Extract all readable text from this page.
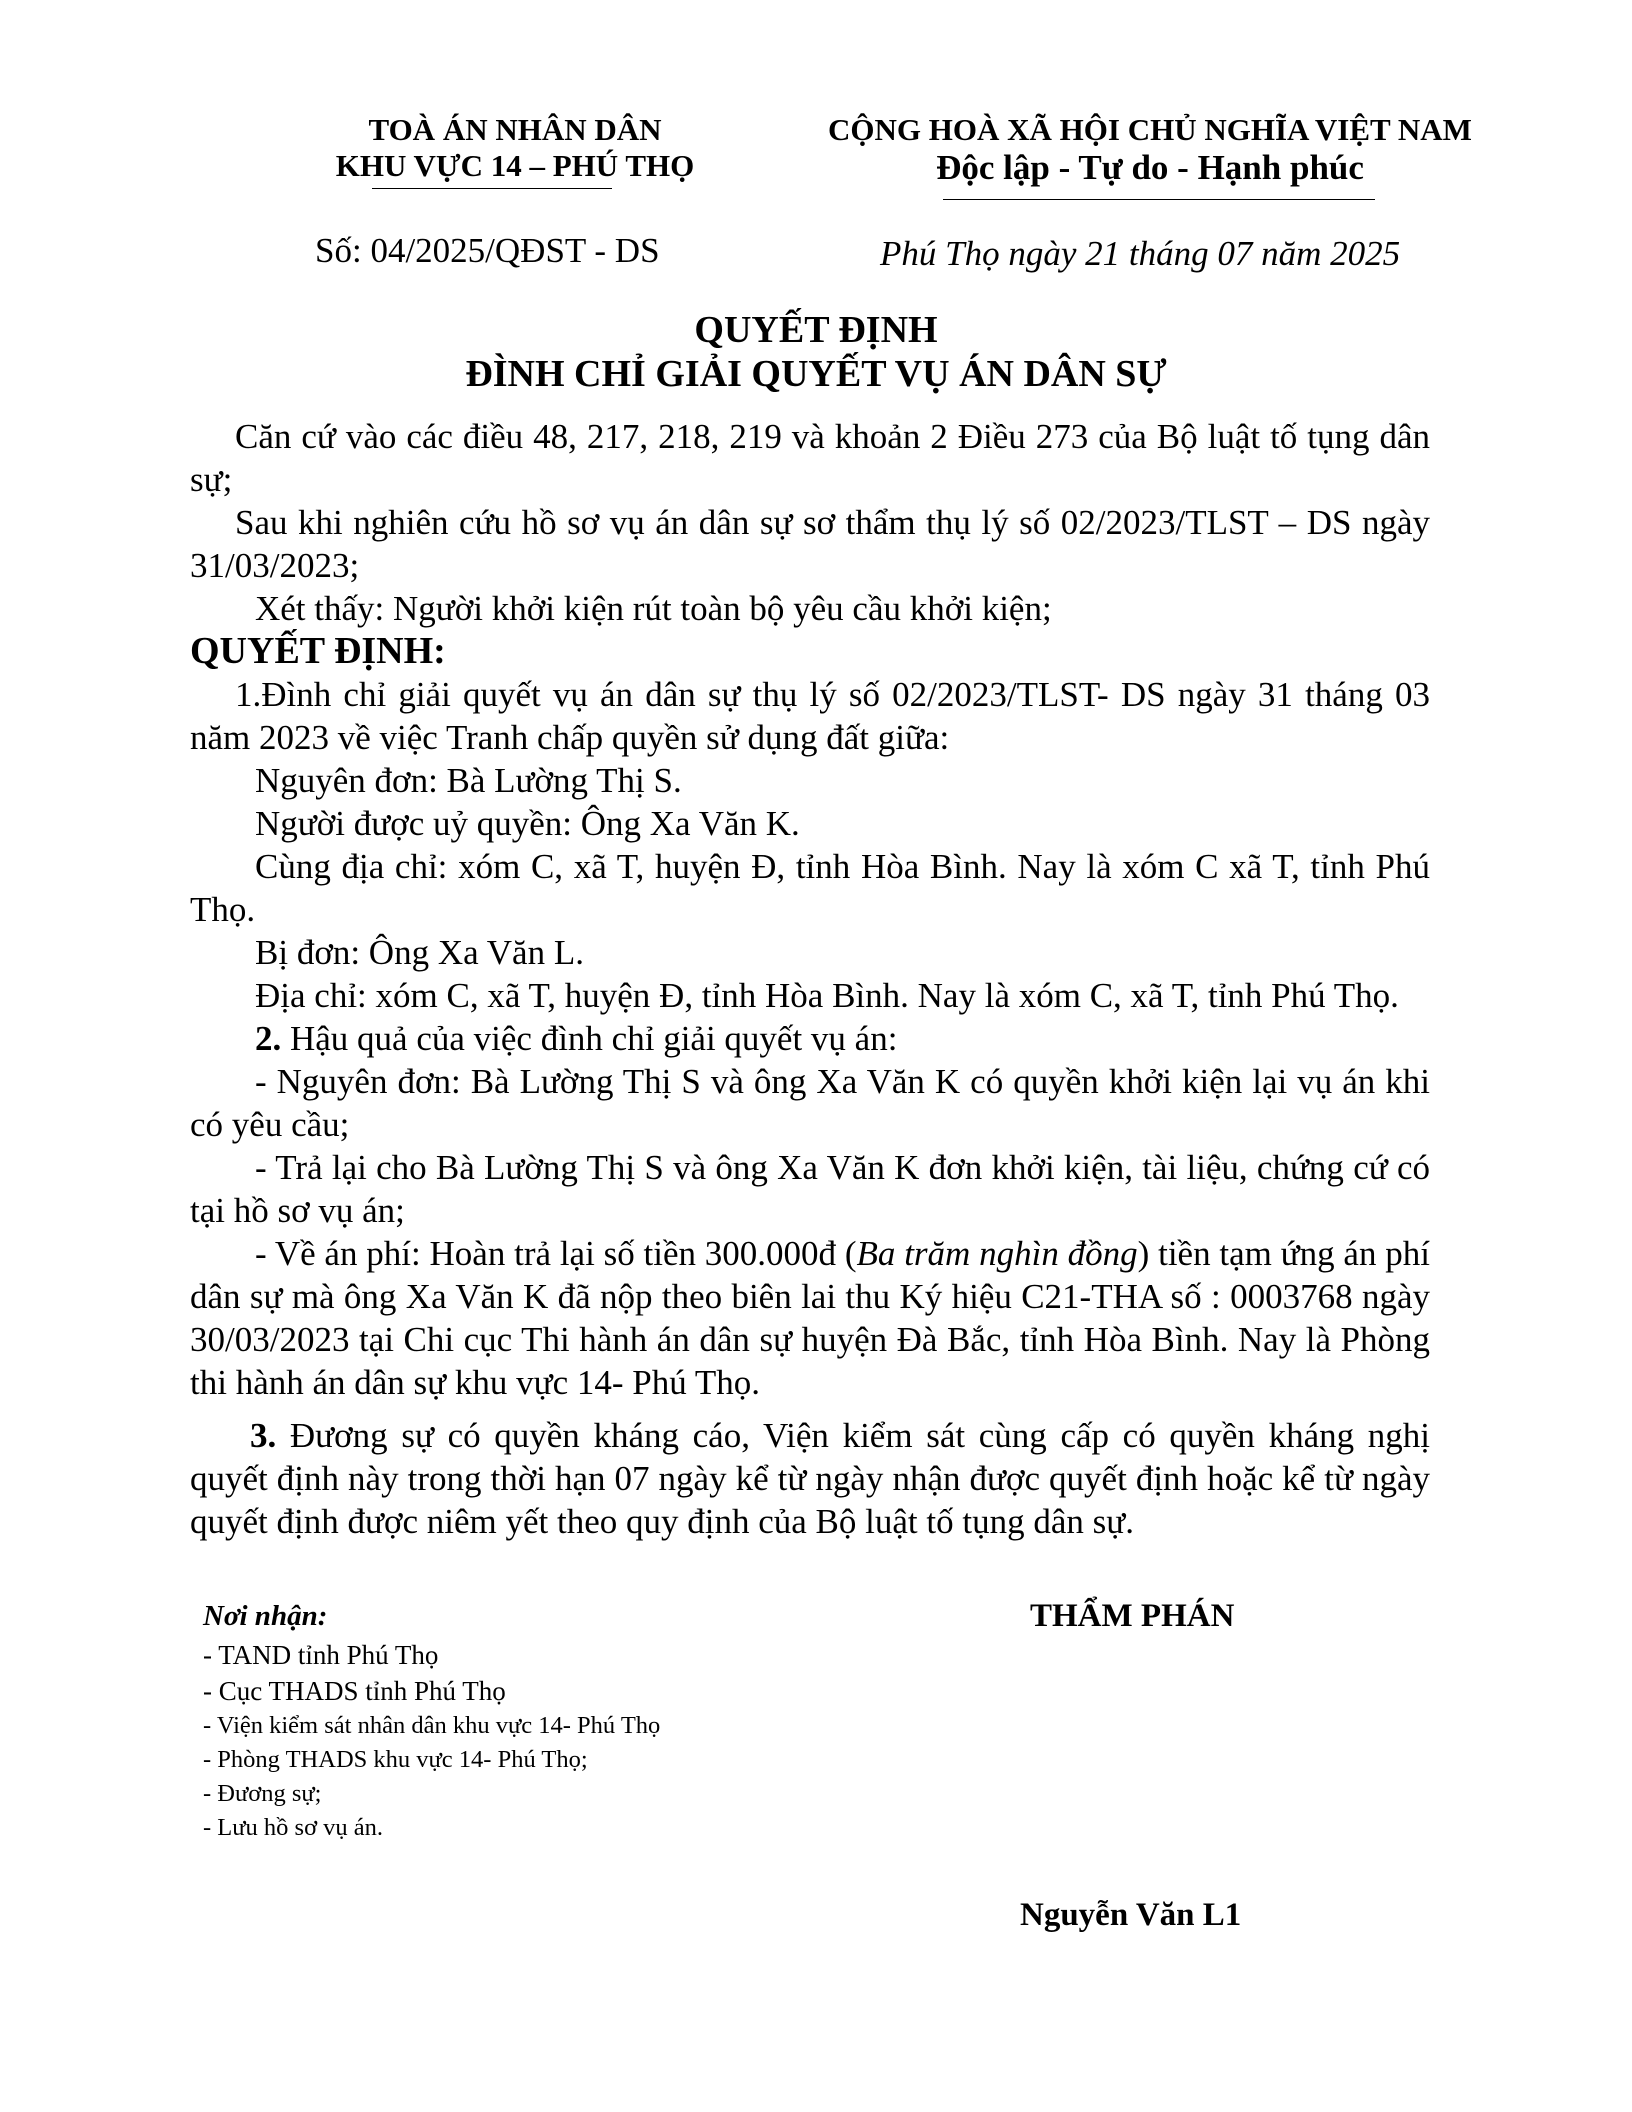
TOÀ ÁN NHÂN DÂN
KHU VỰC 14 – PHÚ THỌ
CỘNG HOÀ XÃ HỘI CHỦ NGHĨA VIỆT NAM
Độc lập - Tự do - Hạnh phúc
Số: 04/2025/QĐST - DS	Phú Thọ ngày 21 tháng 07 năm 2025
QUYẾT ĐỊNH
ĐÌNH CHỈ GIẢI QUYẾT VỤ ÁN DÂN SỰ

Căn cứ vào các điều 48, 217, 218, 219 và khoản 2 Điều 273 của Bộ luật tố tụng dân sự;

Sau khi nghiên cứu hồ sơ vụ án dân sự sơ thẩm thụ lý số 02/2023/TLST – DS ngày 31/03/2023;

Xét thấy: Người khởi kiện rút toàn bộ yêu cầu khởi kiện;

QUYẾT ĐỊNH:

1.Đình chỉ giải quyết vụ án dân sự thụ lý số 02/2023/TLST- DS ngày 31 tháng 03 năm 2023 về việc Tranh chấp quyền sử dụng đất giữa:

Nguyên đơn: Bà Lường Thị S.

Người được uỷ quyền: Ông Xa Văn K.

Cùng địa chỉ: xóm C, xã T, huyện Đ, tỉnh Hòa Bình. Nay là xóm C xã T, tỉnh Phú Thọ.

Bị đơn: Ông Xa Văn L.

Địa chỉ: xóm C, xã T, huyện Đ, tỉnh Hòa Bình. Nay là xóm C, xã T, tỉnh Phú Thọ.

2. Hậu quả của việc đình chỉ giải quyết vụ án:

- Nguyên đơn: Bà Lường Thị S và ông Xa Văn K có quyền khởi kiện lại vụ án khi có yêu cầu;

- Trả lại cho Bà Lường Thị S và ông Xa Văn K đơn khởi kiện, tài liệu, chứng cứ có tại hồ sơ vụ án;

- Về án phí: Hoàn trả lại số tiền 300.000đ (Ba trăm nghìn đồng) tiền tạm ứng án phí dân sự mà ông Xa Văn K đã nộp theo biên lai thu Ký hiệu C21-THA số : 0003768 ngày 30/03/2023 tại Chi cục Thi hành án dân sự huyện Đà Bắc, tỉnh Hòa Bình. Nay là Phòng thi hành án dân sự khu vực 14- Phú Thọ.

3. Đương sự có quyền kháng cáo, Viện kiểm sát cùng cấp có quyền kháng nghị quyết định này trong thời hạn 07 ngày kể từ ngày nhận được quyết định hoặc kể từ ngày quyết định được niêm yết theo quy định của Bộ luật tố tụng dân sự.

Nơi nhận:
- TAND tỉnh Phú Thọ
- Cục THADS tỉnh Phú Thọ
- Viện kiểm sát nhân dân khu vực 14- Phú Thọ
- Phòng THADS khu vực 14- Phú Thọ;
- Đương sự;
- Lưu hồ sơ vụ án.
THẨM PHÁN
Nguyễn Văn L1
